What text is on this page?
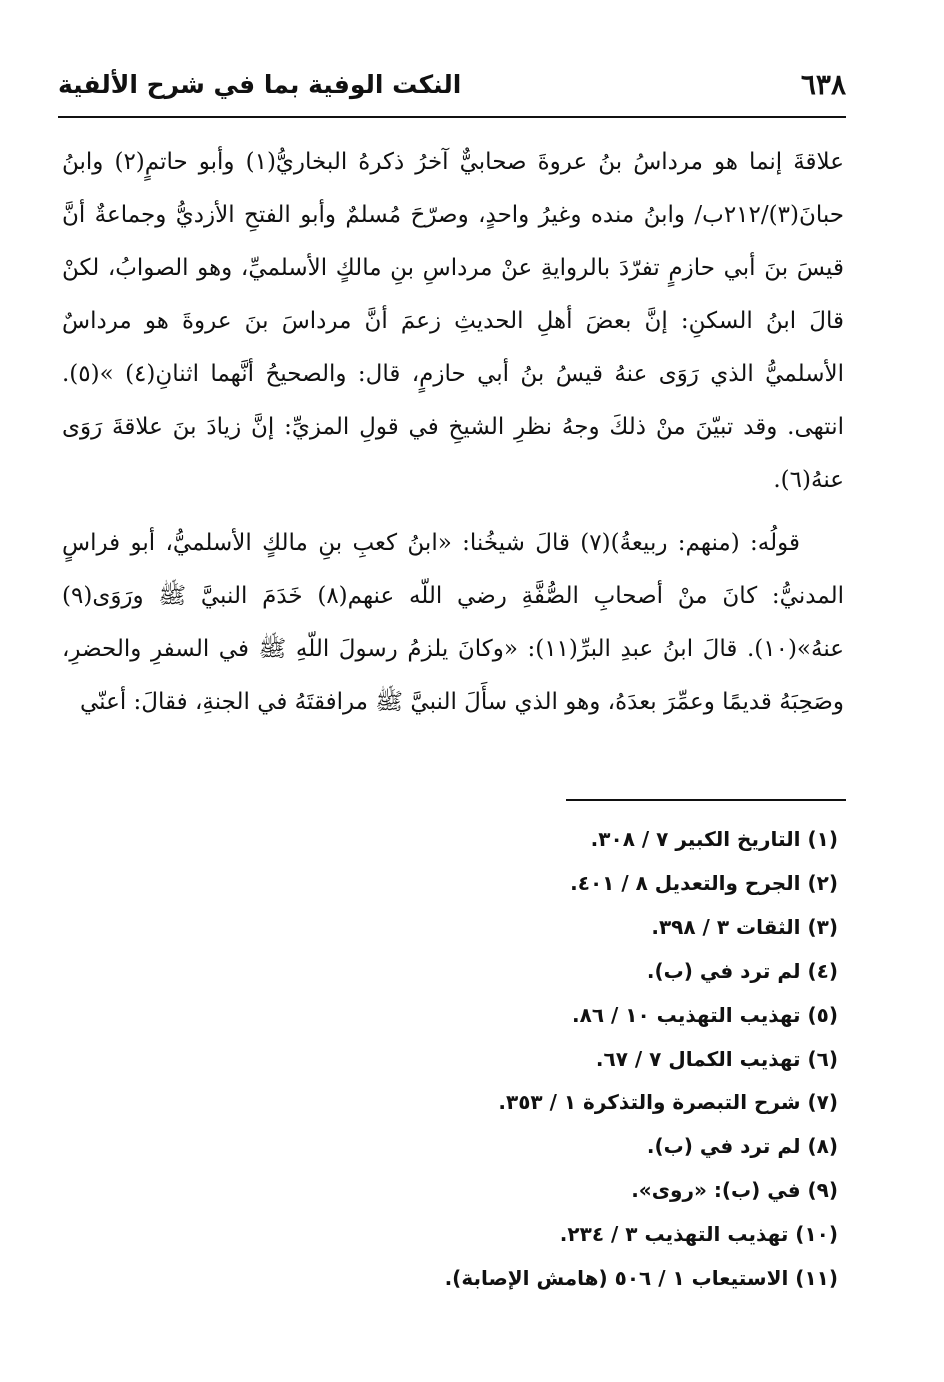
٦٣٨
النكت الوفية بما في شرح الألفية

علاقةَ إنما هو مرداسُ بنُ عروةَ صحابيٌّ آخرُ ذكرهُ البخاريُّ(١) وأبو حاتمٍ(٢) وابنُ حبانَ(٣)/٢١٢ب/ وابنُ منده وغيرُ واحدٍ، وصرّحَ مُسلمٌ وأبو الفتحِ الأزديُّ وجماعةٌ أنَّ قيسَ بنَ أبي حازمٍ تفرّدَ بالروايةِ عنْ مرداسِ بنِ مالكٍ الأسلميِّ، وهو الصوابُ، لكنْ قالَ ابنُ السكنِ: إنَّ بعضَ أهلِ الحديثِ زعمَ أنَّ مرداسَ بنَ عروةَ هو مرداسٌ الأسلميُّ الذي رَوَى عنهُ قيسُ بنُ أبي حازمٍ، قال: والصحيحُ أنَّهما اثنانِ(٤) »(٥). انتهى. وقد تبيّنَ منْ ذلكَ وجهُ نظرِ الشيخِ في قولِ المزيِّ: إنَّ زيادَ بنَ علاقةَ رَوَى عنهُ(٦).

قولُه: (منهم: ربيعةُ)(٧) قالَ شيخُنا: «ابنُ كعبِ بنِ مالكٍ الأسلميُّ، أبو فراسٍ المدنيُّ: كانَ منْ أصحابِ الصُّفَّةِ رضي اللّه عنهم(٨) خَدَمَ النبيَّ ﷺ ورَوَى(٩) عنهُ»(١٠). قالَ ابنُ عبدِ البرِّ(١١): «وكانَ يلزمُ رسولَ اللّهِ ﷺ في السفرِ والحضرِ، وصَحِبَهُ قديمًا وعمِّرَ بعدَهُ، وهو الذي سأَلَ النبيَّ ﷺ مرافقتَهُ في الجنةِ، فقالَ: أعنّي

(١) التاريخ الكبير ٧ / ٣٠٨.
(٢) الجرح والتعديل ٨ / ٤٠١.
(٣) الثقات ٣ / ٣٩٨.
(٤) لم ترد في (ب).
(٥) تهذيب التهذيب ١٠ / ٨٦.
(٦) تهذيب الكمال ٧ / ٦٧.
(٧) شرح التبصرة والتذكرة ١ / ٣٥٣.
(٨) لم ترد في (ب).
(٩) في (ب): «روى».
(١٠) تهذيب التهذيب ٣ / ٢٣٤.
(١١) الاستيعاب ١ / ٥٠٦ (هامش الإصابة).
